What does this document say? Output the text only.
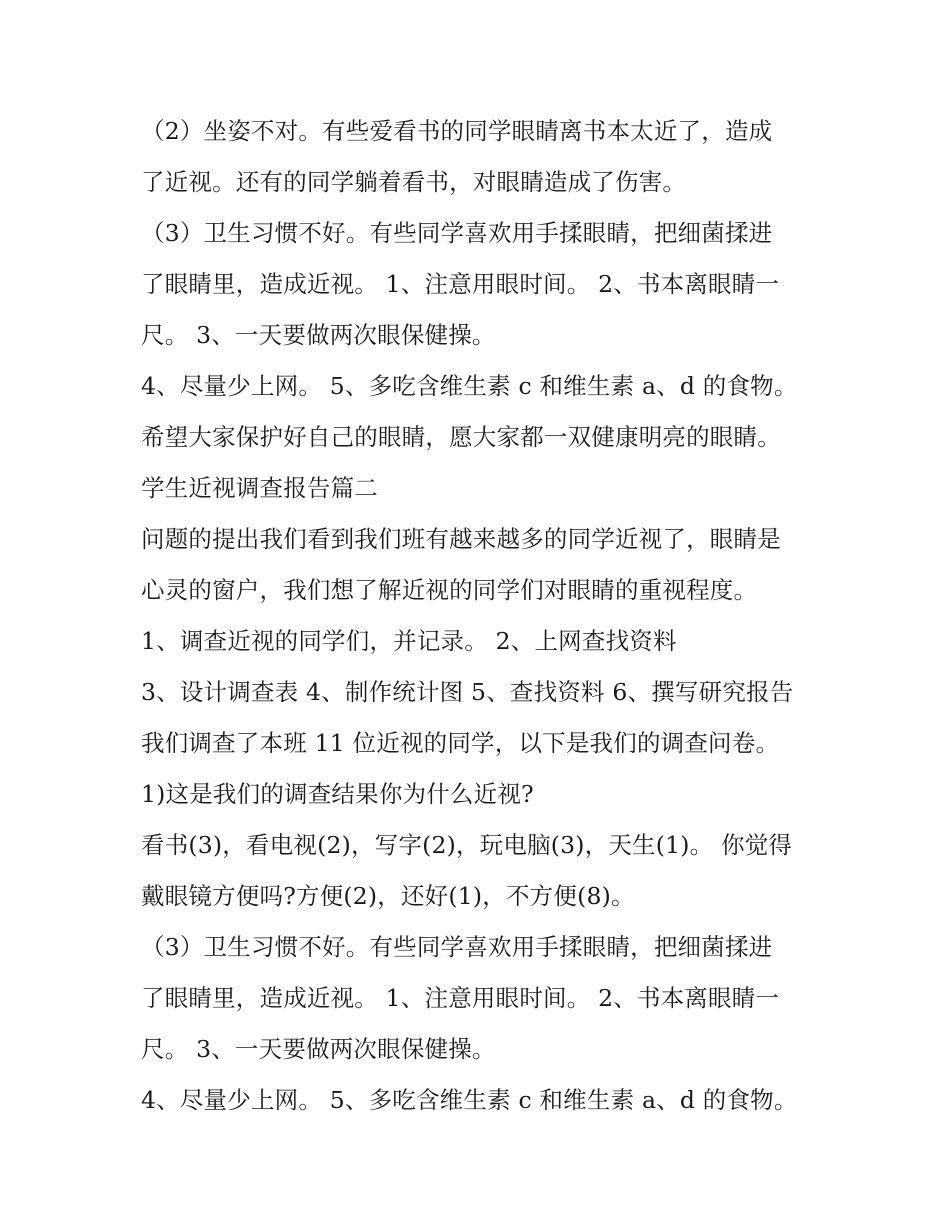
（2）坐姿不对。有些爱看书的同学眼睛离书本太近了，造成
了近视。还有的同学躺着看书，对眼睛造成了伤害。
（3）卫生习惯不好。有些同学喜欢用手揉眼睛，把细菌揉进
了眼睛里，造成近视。 1、注意用眼时间。 2、书本离眼睛一
尺。 3、一天要做两次眼保健操。
4、尽量少上网。 5、多吃含维生素 c 和维生素 a、d 的食物。
希望大家保护好自己的眼睛，愿大家都一双健康明亮的眼睛。
学生近视调查报告篇二
问题的提出我们看到我们班有越来越多的同学近视了，眼睛是
心灵的窗户，我们想了解近视的同学们对眼睛的重视程度。
1、调查近视的同学们，并记录。 2、上网查找资料
3、设计调查表 4、制作统计图 5、查找资料 6、撰写研究报告
我们调查了本班 11 位近视的同学，以下是我们的调查问卷。
1)这是我们的调查结果你为什么近视?
看书(3)，看电视(2)，写字(2)，玩电脑(3)，天生(1)。 你觉得
戴眼镜方便吗?方便(2)，还好(1)，不方便(8)。
（3）卫生习惯不好。有些同学喜欢用手揉眼睛，把细菌揉进
了眼睛里，造成近视。 1、注意用眼时间。 2、书本离眼睛一
尺。 3、一天要做两次眼保健操。
4、尽量少上网。 5、多吃含维生素 c 和维生素 a、d 的食物。
